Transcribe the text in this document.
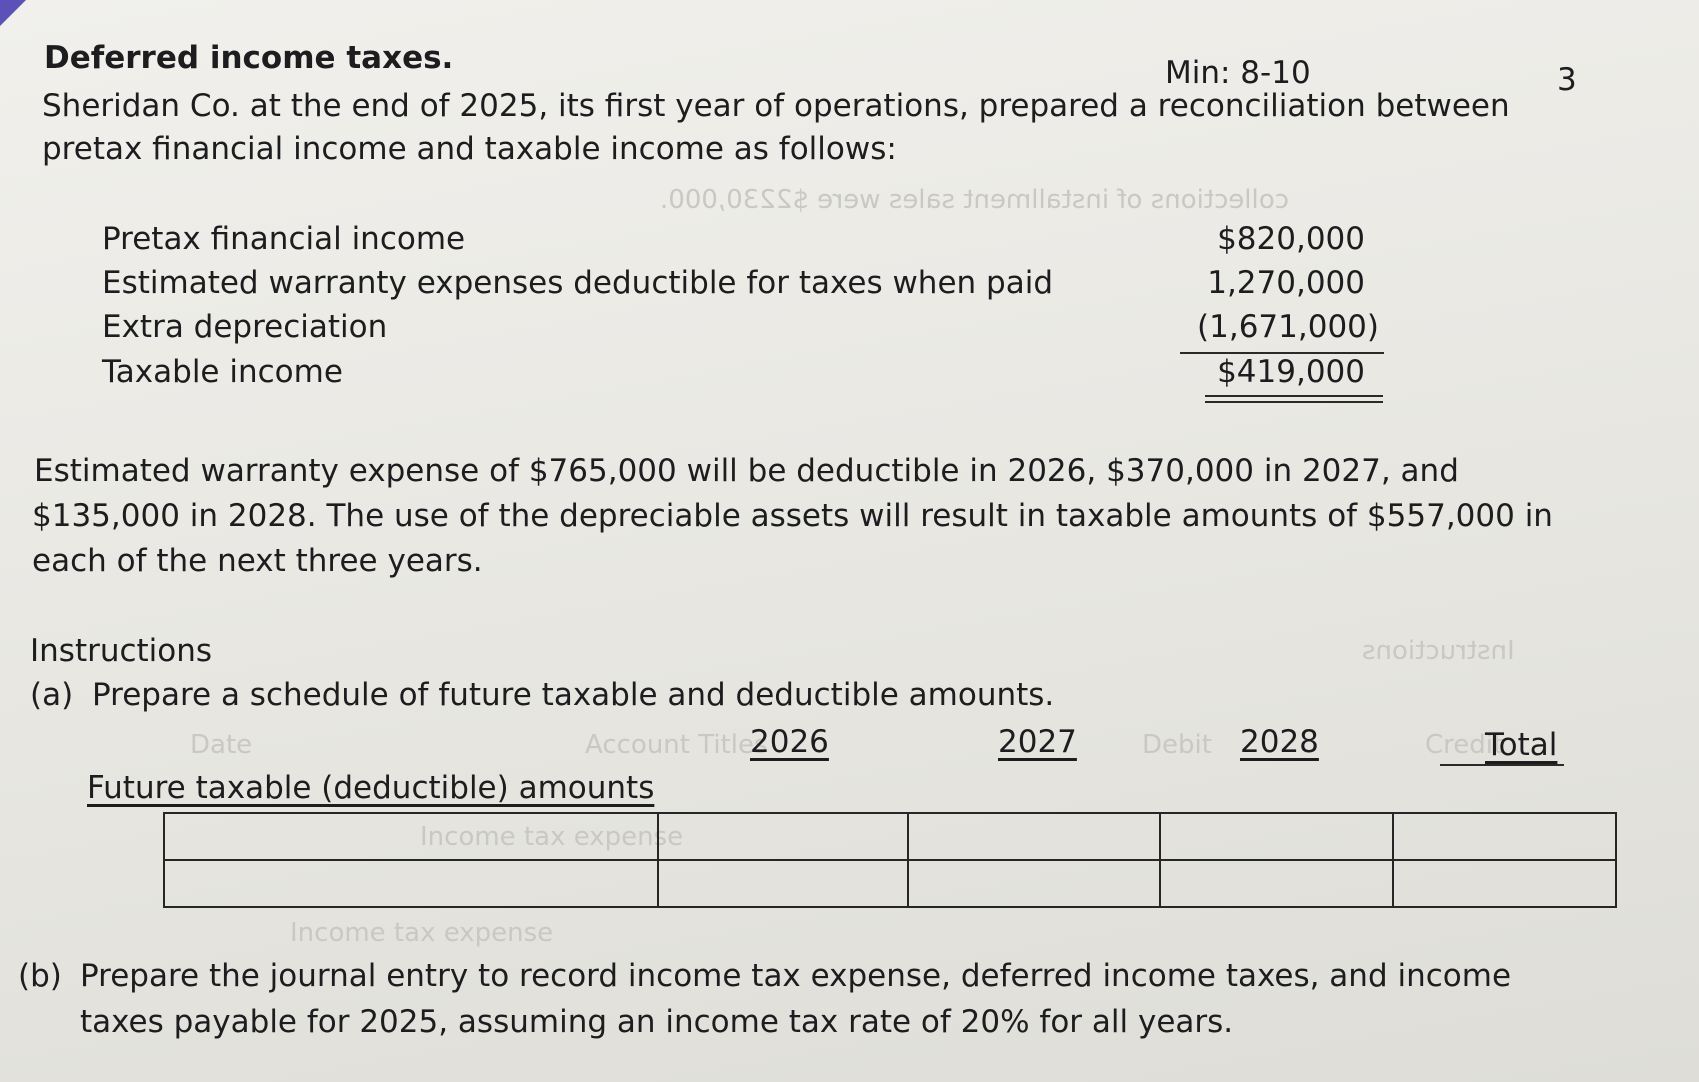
collections of installment sales were $2230,000.
Account Titles	Debit	Credit
Date
Income tax expense
Income tax expense
Instructions
Deferred income taxes.	Min: 8-10	3
Sheridan Co. at the end of 2025, its first year of operations, prepared a reconciliation between
pretax financial income and taxable income as follows:
Pretax financial income	$820,000
Estimated warranty expenses deductible for taxes when paid	1,270,000
Extra depreciation	(1,671,000)
Taxable income	$419,000
Estimated warranty expense of $765,000 will be deductible in 2026, $370,000 in 2027, and
$135,000 in 2028. The use of the depreciable assets will result in taxable amounts of $557,000 in
each of the next three years.
Instructions
(a) Prepare a schedule of future taxable and deductible amounts.
2026	2027	2028	Total
Future taxable (deductible) amounts

(b) Prepare the journal entry to record income tax expense, deferred income taxes, and income
taxes payable for 2025, assuming an income tax rate of 20% for all years.
